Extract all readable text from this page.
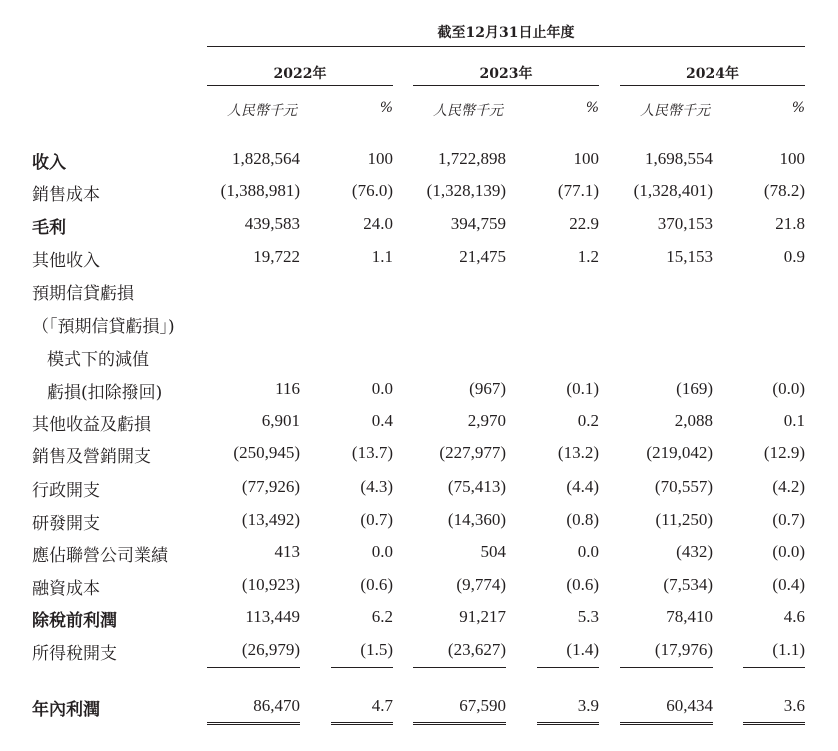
截至12月31日止年度
2022年	2023年	2024年
人民幣千元	%	人民幣千元	%	人民幣千元	%
收入	1,828,564	100	1,722,898	100	1,698,554	100
銷售成本	(1,388,981)	(76.0)	(1,328,139)	(77.1)	(1,328,401)	(78.2)
毛利	439,583	24.0	394,759	22.9	370,153	21.8
其他收入	19,722	1.1	21,475	1.2	15,153	0.9
預期信貸虧損
（「預期信貸虧損」)
模式下的減值
虧損(扣除撥回)	116	0.0	(967)	(0.1)	(169)	(0.0)
其他收益及虧損	6,901	0.4	2,970	0.2	2,088	0.1
銷售及營銷開支	(250,945)	(13.7)	(227,977)	(13.2)	(219,042)	(12.9)
行政開支	(77,926)	(4.3)	(75,413)	(4.4)	(70,557)	(4.2)
研發開支	(13,492)	(0.7)	(14,360)	(0.8)	(11,250)	(0.7)
應佔聯營公司業績	413	0.0	504	0.0	(432)	(0.0)
融資成本	(10,923)	(0.6)	(9,774)	(0.6)	(7,534)	(0.4)
除稅前利潤	113,449	6.2	91,217	5.3	78,410	4.6
所得稅開支	(26,979)	(1.5)	(23,627)	(1.4)	(17,976)	(1.1)
年內利潤	86,470	4.7	67,590	3.9	60,434	3.6
